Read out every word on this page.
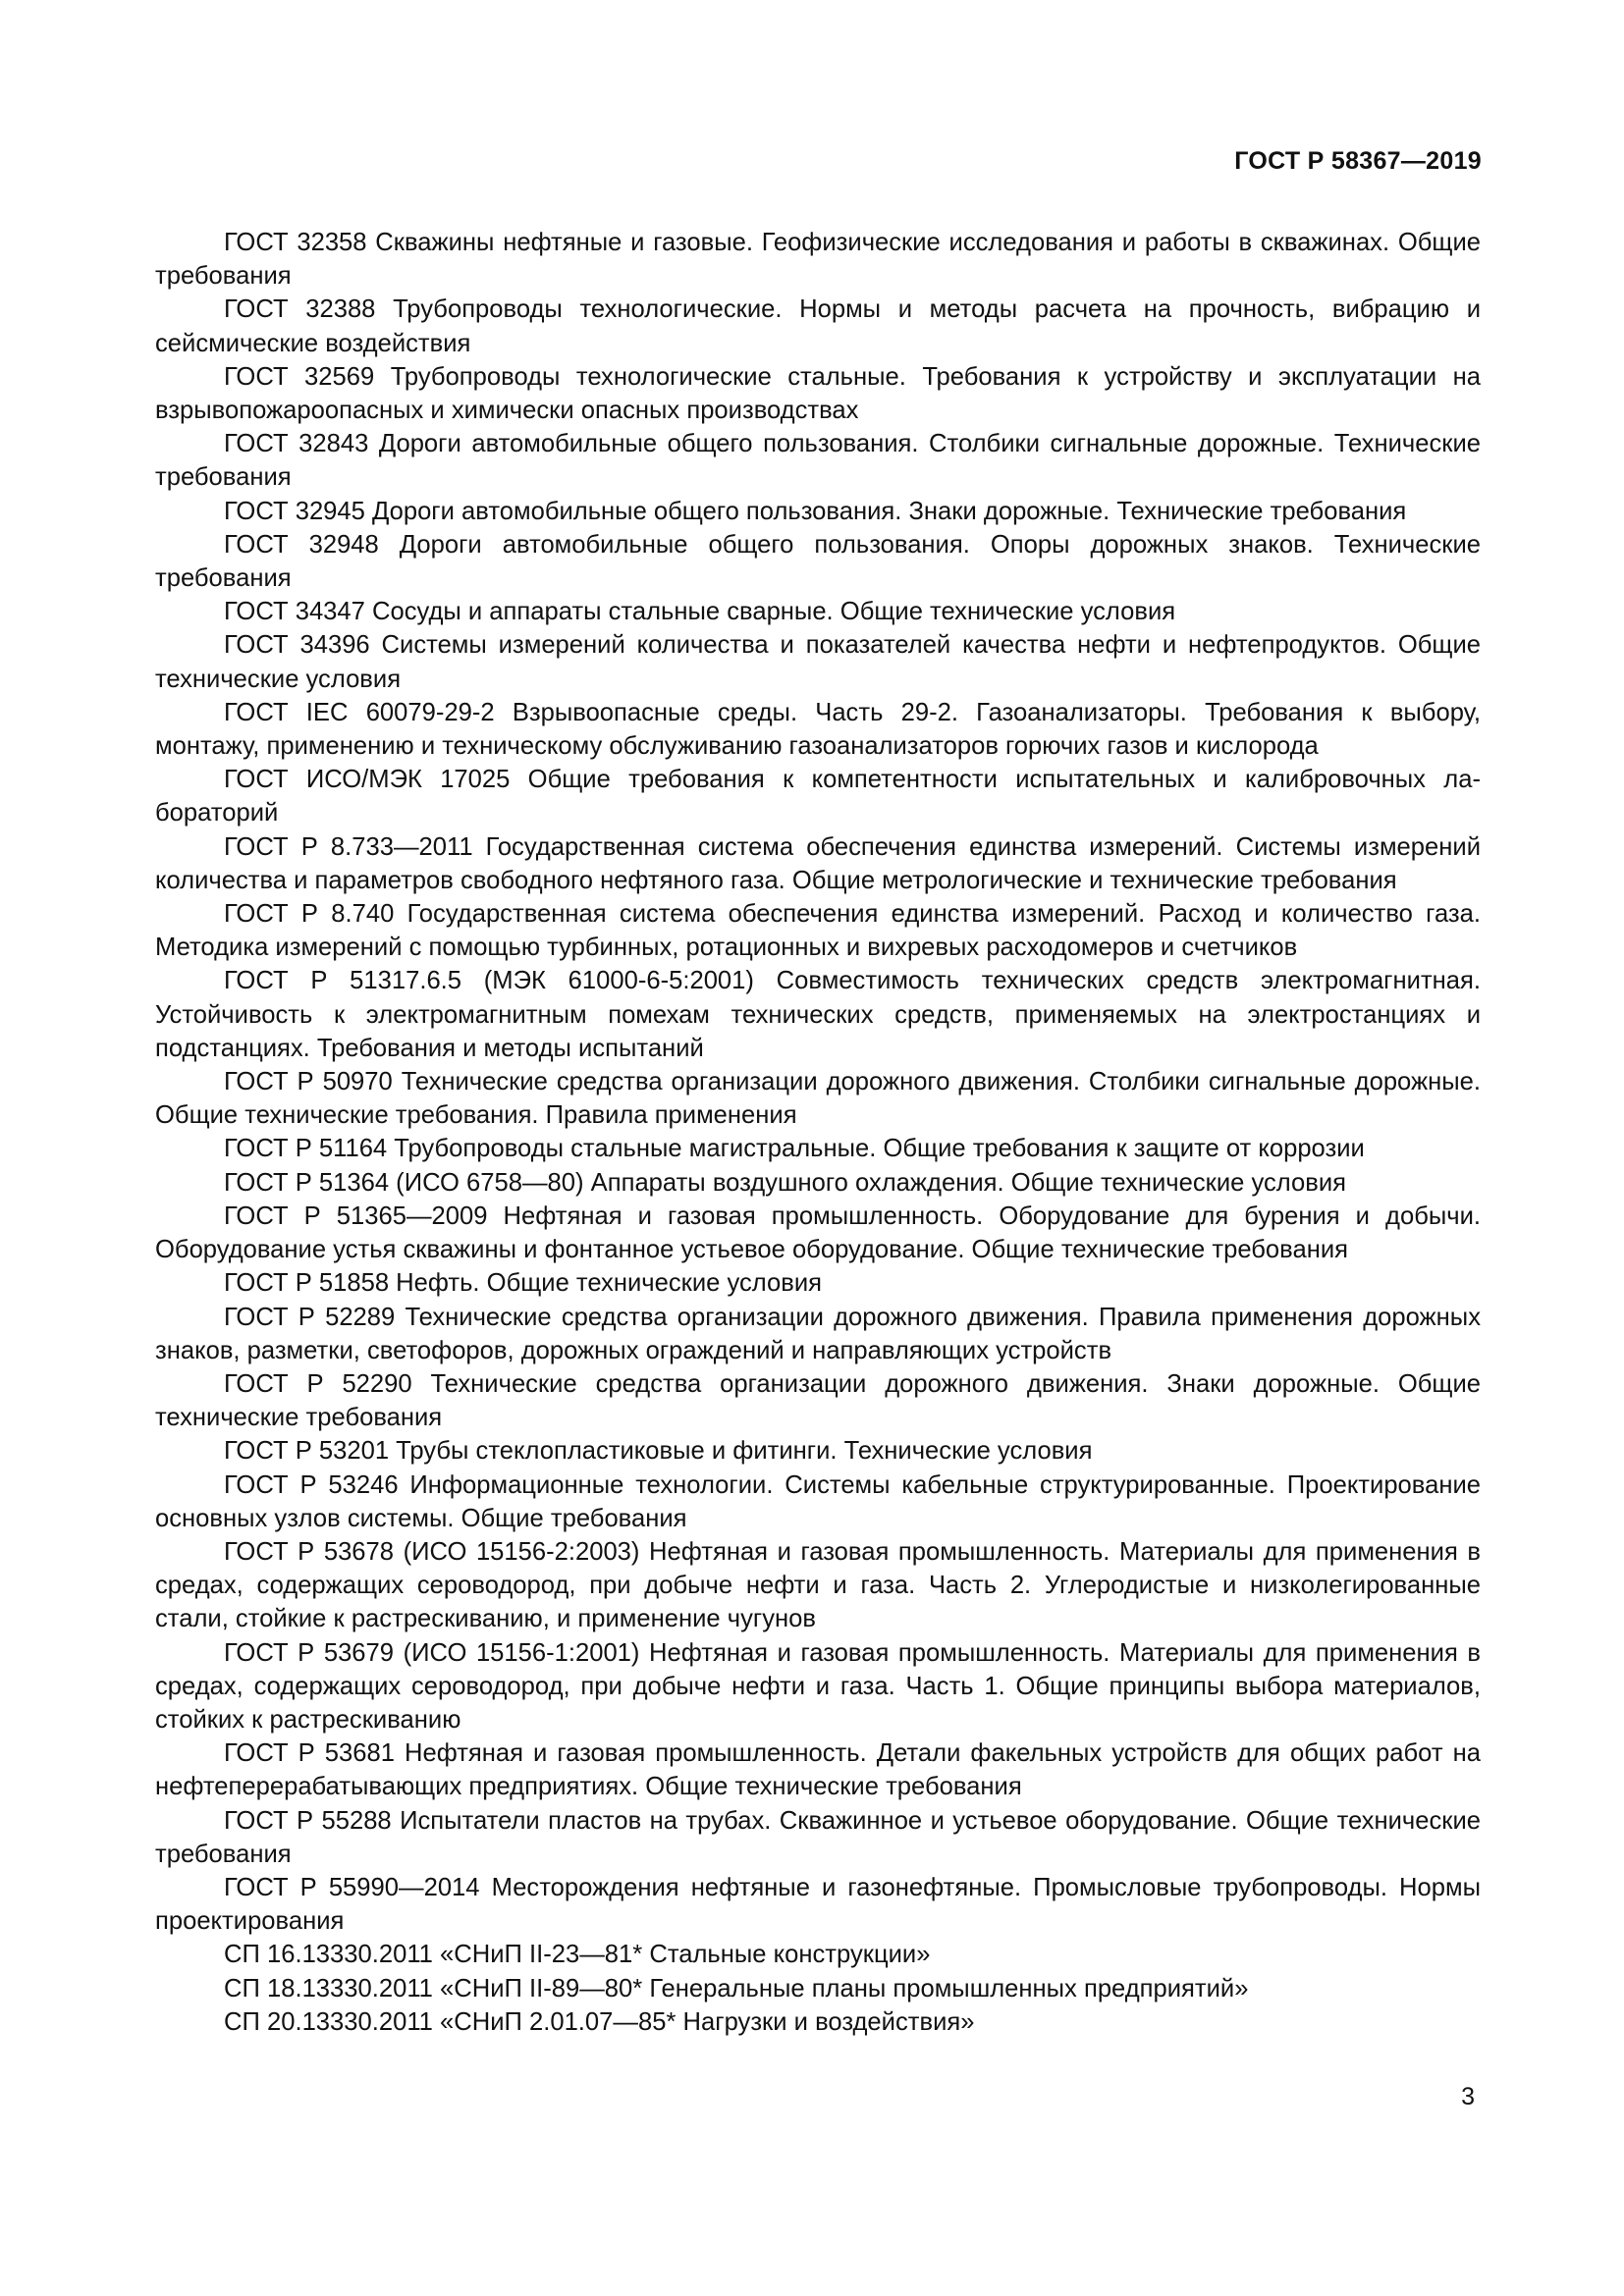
ГОСТ Р 58367—2019

ГОСТ 32358 Скважины нефтяные и газовые. Геофизические исследования и работы в скважинах. Общие требования

ГОСТ 32388 Трубопроводы технологические. Нормы и методы расчета на прочность, вибрацию и сейсмические воздействия

ГОСТ 32569 Трубопроводы технологические стальные. Требования к устройству и эксплуатации на взрывопожароопасных и химически опасных производствах

ГОСТ 32843 Дороги автомобильные общего пользования. Столбики сигнальные дорожные. Технические требования

ГОСТ 32945 Дороги автомобильные общего пользования. Знаки дорожные. Технические требования

ГОСТ 32948 Дороги автомобильные общего пользования. Опоры дорожных знаков. Технические требования

ГОСТ 34347 Сосуды и аппараты стальные сварные. Общие технические условия

ГОСТ 34396 Системы измерений количества и показателей качества нефти и нефтепродуктов. Общие технические условия

ГОСТ IEC 60079-29-2 Взрывоопасные среды. Часть 29-2. Газоанализаторы. Требования к выбору, монтажу, применению и техническому обслуживанию газоанализаторов горючих газов и кислорода

ГОСТ ИСО/МЭК 17025 Общие требования к компетентности испытательных и калибровочных лабораторий

ГОСТ Р 8.733—2011 Государственная система обеспечения единства измерений. Системы измерений количества и параметров свободного нефтяного газа. Общие метрологические и технические требования

ГОСТ Р 8.740 Государственная система обеспечения единства измерений. Расход и количество газа. Методика измерений с помощью турбинных, ротационных и вихревых расходомеров и счетчиков

ГОСТ Р 51317.6.5 (МЭК 61000-6-5:2001) Совместимость технических средств электромагнитная. Устойчивость к электромагнитным помехам технических средств, применяемых на электростанциях и подстанциях. Требования и методы испытаний

ГОСТ Р 50970 Технические средства организации дорожного движения. Столбики сигнальные дорожные. Общие технические требования. Правила применения

ГОСТ Р 51164 Трубопроводы стальные магистральные. Общие требования к защите от коррозии

ГОСТ Р 51364 (ИСО 6758—80) Аппараты воздушного охлаждения. Общие технические условия

ГОСТ Р 51365—2009 Нефтяная и газовая промышленность. Оборудование для бурения и добычи. Оборудование устья скважины и фонтанное устьевое оборудование. Общие технические требования

ГОСТ Р 51858 Нефть. Общие технические условия

ГОСТ Р 52289 Технические средства организации дорожного движения. Правила применения дорожных знаков, разметки, светофоров, дорожных ограждений и направляющих устройств

ГОСТ Р 52290 Технические средства организации дорожного движения. Знаки дорожные. Общие технические требования

ГОСТ Р 53201 Трубы стеклопластиковые и фитинги. Технические условия

ГОСТ Р 53246 Информационные технологии. Системы кабельные структурированные. Проектирование основных узлов системы. Общие требования

ГОСТ Р 53678 (ИСО 15156-2:2003) Нефтяная и газовая промышленность. Материалы для применения в средах, содержащих сероводород, при добыче нефти и газа. Часть 2. Углеродистые и низколегированные стали, стойкие к растрескиванию, и применение чугунов

ГОСТ Р 53679 (ИСО 15156-1:2001) Нефтяная и газовая промышленность. Материалы для применения в средах, содержащих сероводород, при добыче нефти и газа. Часть 1. Общие принципы выбора материалов, стойких к растрескиванию

ГОСТ Р 53681 Нефтяная и газовая промышленность. Детали факельных устройств для общих работ на нефтеперерабатывающих предприятиях. Общие технические требования

ГОСТ Р 55288 Испытатели пластов на трубах. Скважинное и устьевое оборудование. Общие технические требования

ГОСТ Р 55990—2014 Месторождения нефтяные и газонефтяные. Промысловые трубопроводы. Нормы проектирования

СП 16.13330.2011 «СНиП II-23—81* Стальные конструкции»

СП 18.13330.2011 «СНиП II-89—80* Генеральные планы промышленных предприятий»

СП 20.13330.2011 «СНиП 2.01.07—85* Нагрузки и воздействия»

3
